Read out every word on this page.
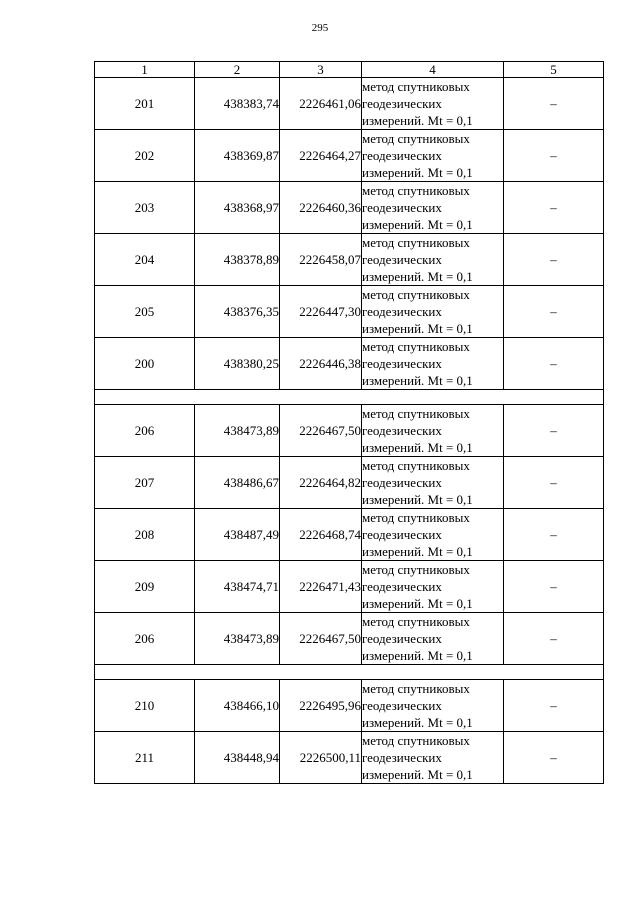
295
1	2	3	4	5
201	438383,74	2226461,06	метод спутниковых
геодезических
измерений. Mt = 0,1	–
202	438369,87	2226464,27	метод спутниковых
геодезических
измерений. Mt = 0,1	–
203	438368,97	2226460,36	метод спутниковых
геодезических
измерений. Mt = 0,1	–
204	438378,89	2226458,07	метод спутниковых
геодезических
измерений. Mt = 0,1	–
205	438376,35	2226447,30	метод спутниковых
геодезических
измерений. Mt = 0,1	–
200	438380,25	2226446,38	метод спутниковых
геодезических
измерений. Mt = 0,1	–

206	438473,89	2226467,50	метод спутниковых
геодезических
измерений. Mt = 0,1	–
207	438486,67	2226464,82	метод спутниковых
геодезических
измерений. Mt = 0,1	–
208	438487,49	2226468,74	метод спутниковых
геодезических
измерений. Mt = 0,1	–
209	438474,71	2226471,43	метод спутниковых
геодезических
измерений. Mt = 0,1	–
206	438473,89	2226467,50	метод спутниковых
геодезических
измерений. Mt = 0,1	–

210	438466,10	2226495,96	метод спутниковых
геодезических
измерений. Mt = 0,1	–
211	438448,94	2226500,11	метод спутниковых
геодезических
измерений. Mt = 0,1	–
